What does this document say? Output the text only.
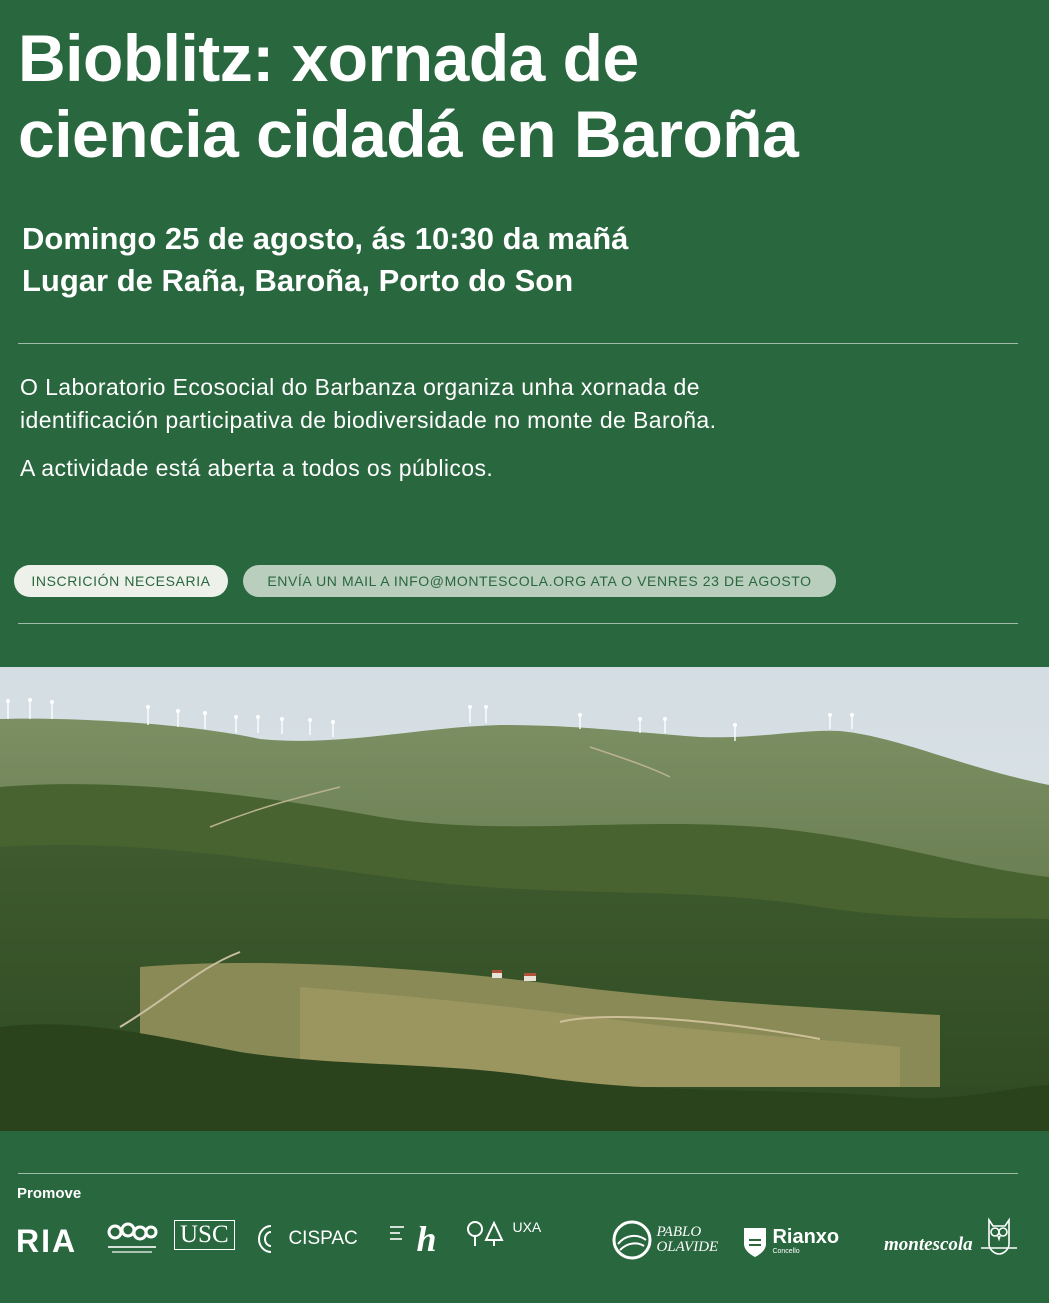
Bioblitz: xornada de
ciencia cidadá en Baroña
Domingo 25 de agosto, ás 10:30 da mañá
Lugar de Raña, Baroña, Porto do Son

O Laboratorio Ecosocial do Barbanza organiza unha xornada de

identificación participativa de biodiversidade no monte de Baroña.

A actividade está aberta a todos os públicos.

INSCRICIÓN NECESARIA	ENVÍA UN MAIL A INFO@MONTESCOLA.ORG ATA O VENRES 23 DE AGOSTO
Promove
RIA	USC	CISPAC	h	UXA	PABLO
OLAVIDE
	Rianxo
Concello	montescola
